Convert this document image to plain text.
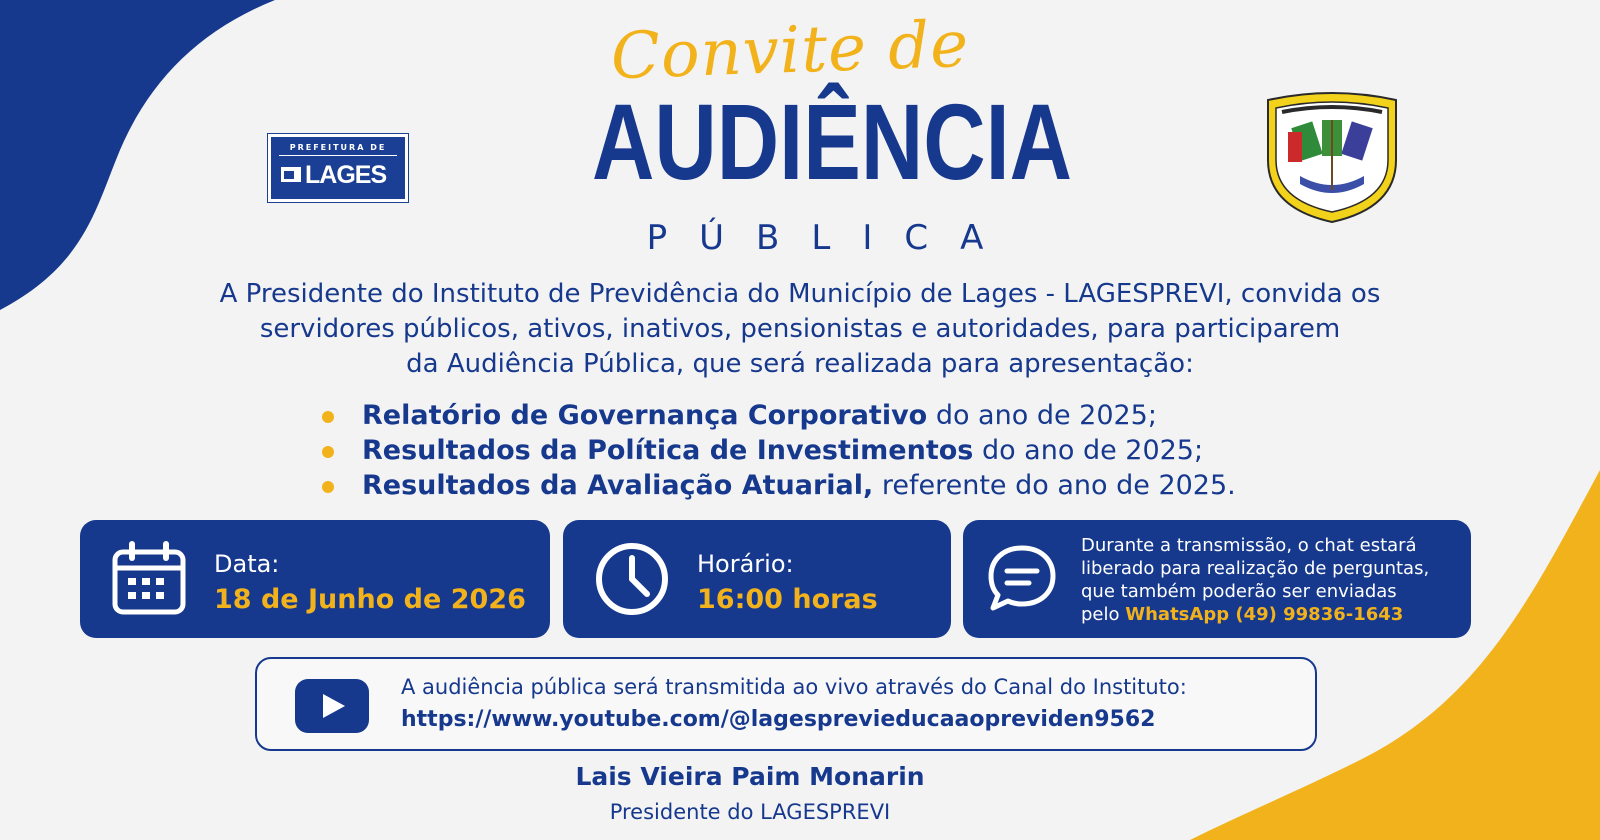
PREFEITURA DE
LAGES
Convite de
AUDIÊNCIA
PÚBLICA
A Presidente do Instituto de Previdência do Município de Lages - LAGESPREVI, convida os
servidores públicos, ativos, inativos, pensionistas e autoridades, para participarem
da Audiência Pública, que será realizada para apresentação:
Relatório de Governança Corporativo do ano de 2025;
Resultados da Política de Investimentos do ano de 2025;
Resultados da Avaliação Atuarial, referente do ano de 2025.
Data:
18 de Junho de 2026
Horário:
16:00 horas
Durante a transmissão, o chat estará
liberado para realização de perguntas,
que também poderão ser enviadas
pelo WhatsApp (49) 99836-1643
A audiência pública será transmitida ao vivo através do Canal do Instituto:
https://www.youtube.com/@lagesprevieducaaopreviden9562
Lais Vieira Paim Monarin
Presidente do LAGESPREVI
